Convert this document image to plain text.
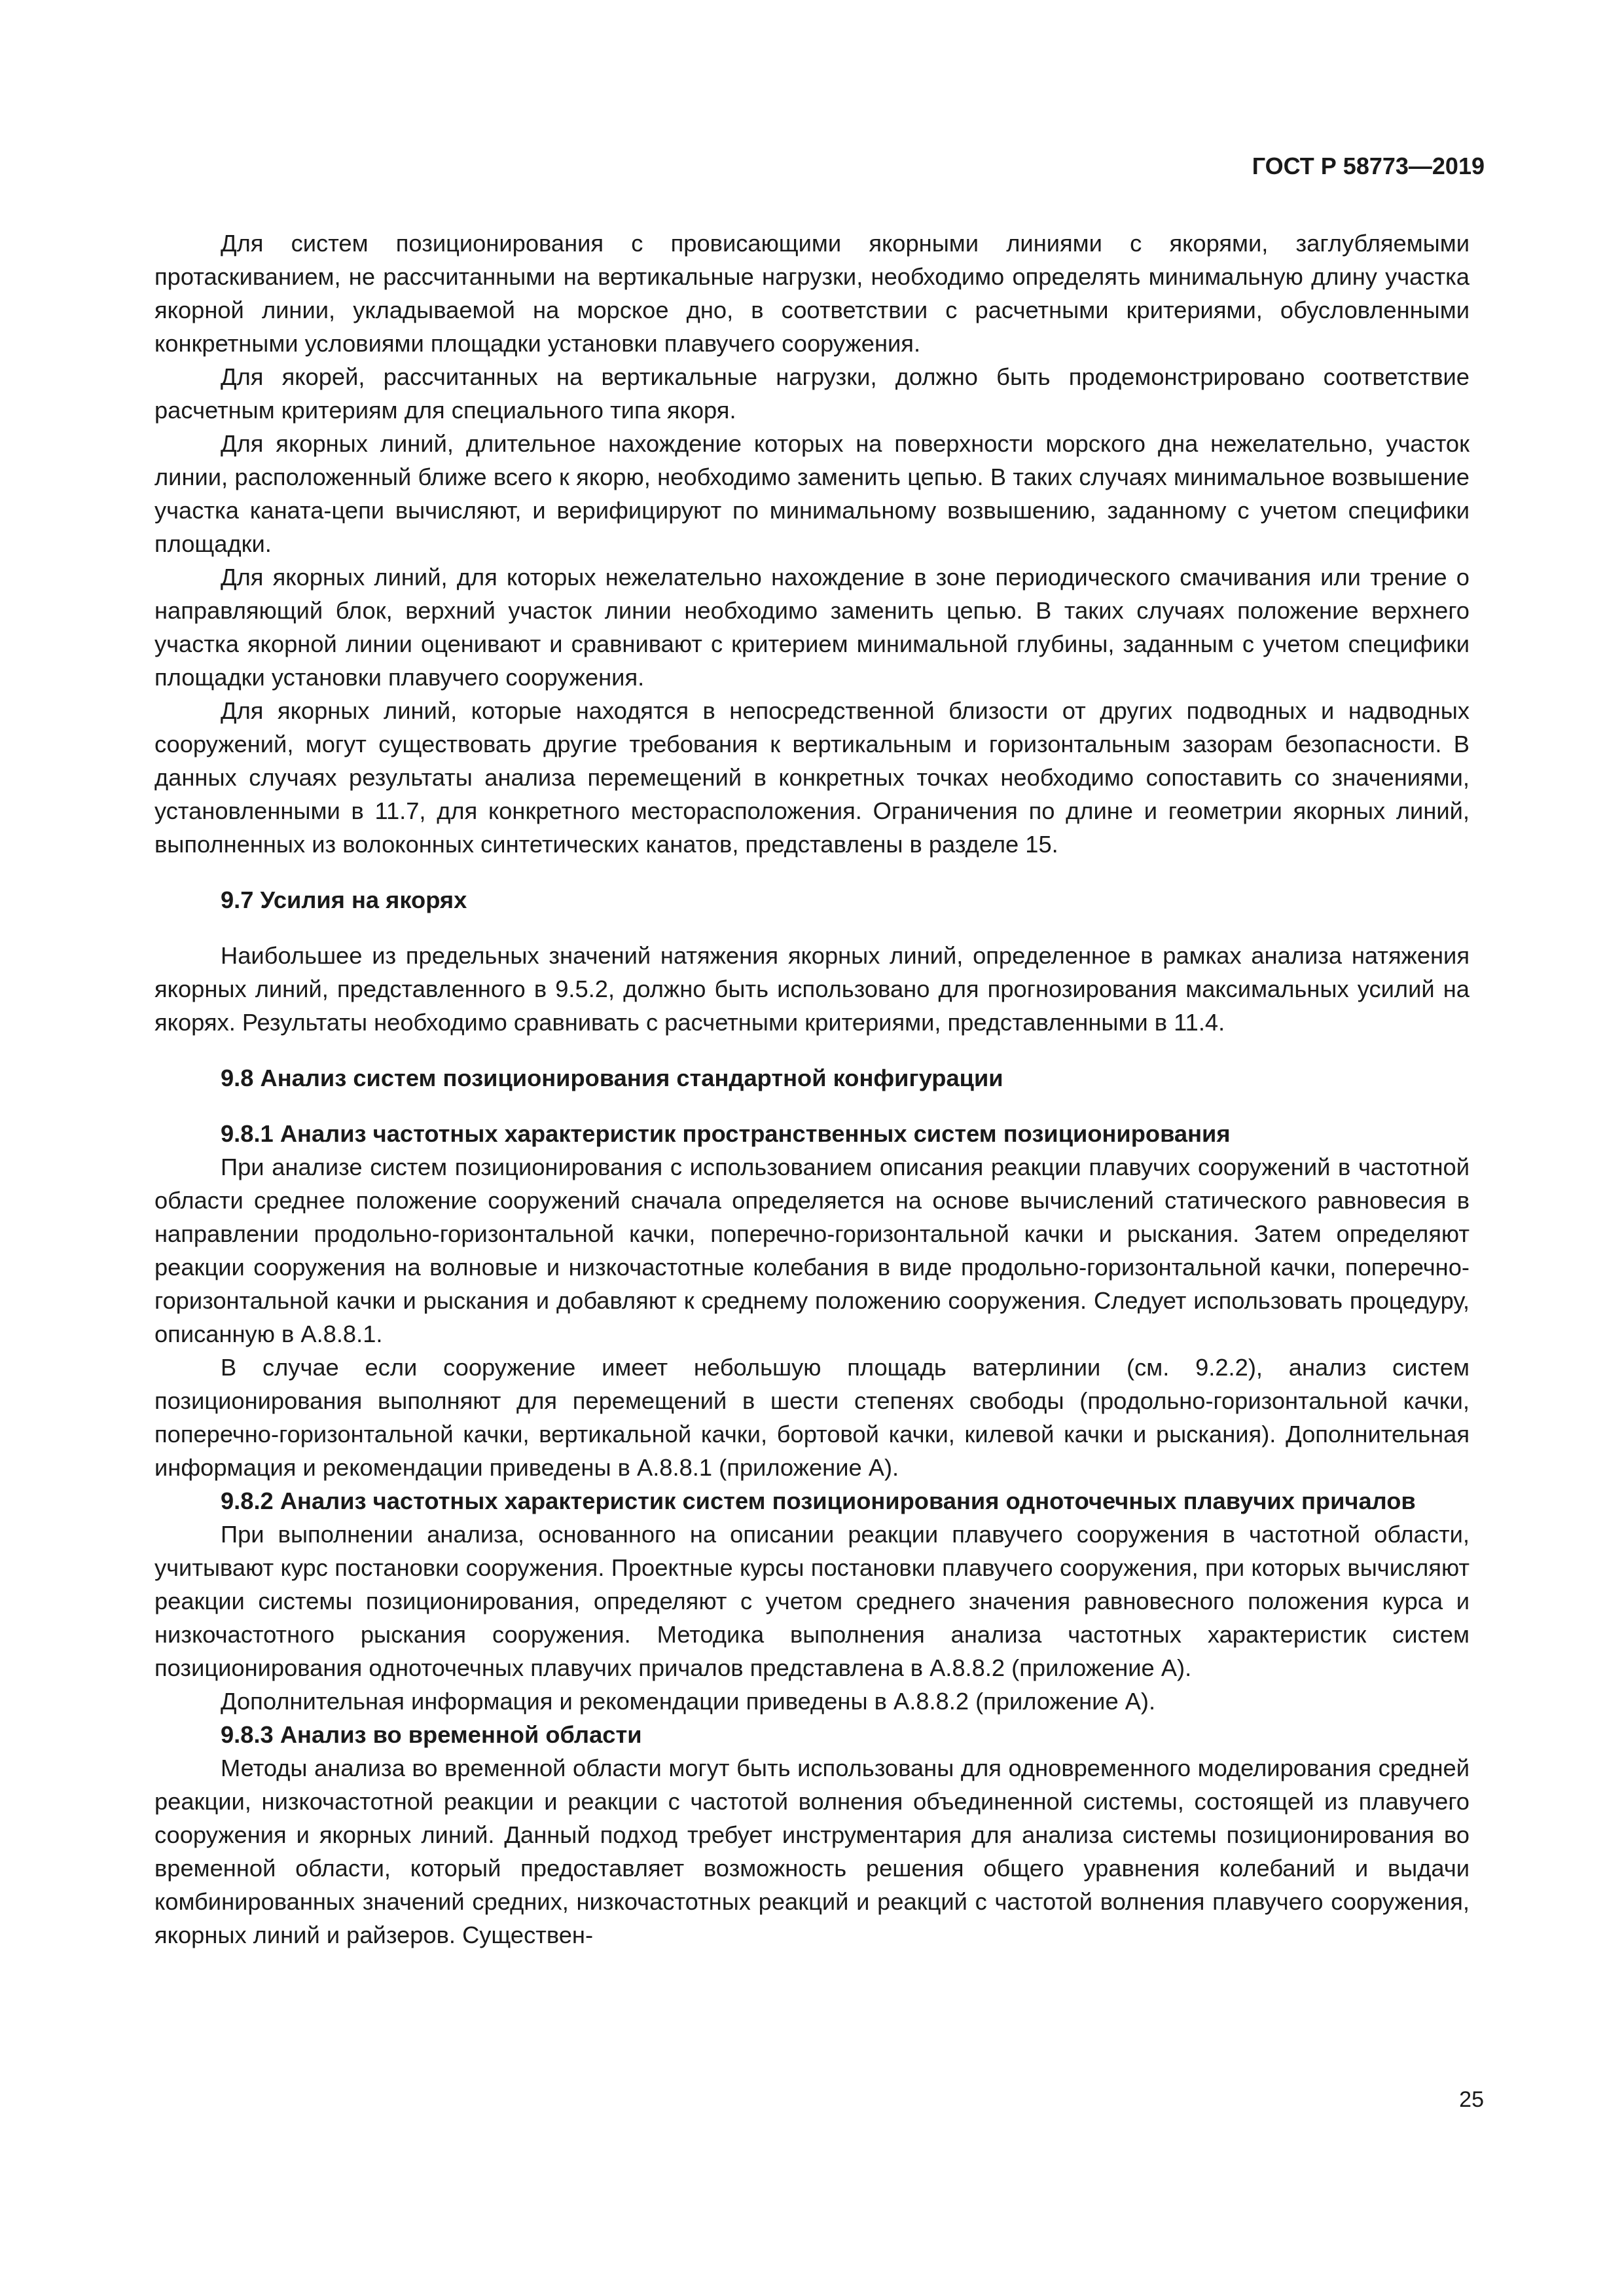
ГОСТ Р 58773—2019

Для систем позиционирования с провисающими якорными линиями с якорями, заглубляемыми протаскиванием, не рассчитанными на вертикальные нагрузки, необходимо определять минимальную длину участка якорной линии, укладываемой на морское дно, в соответствии с расчетными критериями, обусловленными конкретными условиями площадки установки плавучего сооружения.

Для якорей, рассчитанных на вертикальные нагрузки, должно быть продемонстрировано соответствие расчетным критериям для специального типа якоря.

Для якорных линий, длительное нахождение которых на поверхности морского дна нежелательно, участок линии, расположенный ближе всего к якорю, необходимо заменить цепью. В таких случаях минимальное возвышение участка каната-цепи вычисляют, и верифицируют по минимальному возвышению, заданному с учетом специфики площадки.

Для якорных линий, для которых нежелательно нахождение в зоне периодического смачивания или трение о направляющий блок, верхний участок линии необходимо заменить цепью. В таких случаях положение верхнего участка якорной линии оценивают и сравнивают с критерием минимальной глубины, заданным с учетом специфики площадки установки плавучего сооружения.

Для якорных линий, которые находятся в непосредственной близости от других подводных и надводных сооружений, могут существовать другие требования к вертикальным и горизонтальным зазорам безопасности. В данных случаях результаты анализа перемещений в конкретных точках необходимо сопоставить со значениями, установленными в 11.7, для конкретного месторасположения. Ограничения по длине и геометрии якорных линий, выполненных из волоконных синтетических канатов, представлены в разделе 15.

9.7 Усилия на якорях

Наибольшее из предельных значений натяжения якорных линий, определенное в рамках анализа натяжения якорных линий, представленного в 9.5.2, должно быть использовано для прогнозирования максимальных усилий на якорях. Результаты необходимо сравнивать с расчетными критериями, представленными в 11.4.

9.8 Анализ систем позиционирования стандартной конфигурации
9.8.1 Анализ частотных характеристик пространственных систем позиционирования

При анализе систем позиционирования с использованием описания реакции плавучих сооружений в частотной области среднее положение сооружений сначала определяется на основе вычислений статического равновесия в направлении продольно-горизонтальной качки, поперечно-горизонтальной качки и рыскания. Затем определяют реакции сооружения на волновые и низкочастотные колебания в виде продольно-горизонтальной качки, поперечно-горизонтальной качки и рыскания и добавляют к среднему положению сооружения. Следует использовать процедуру, описанную в А.8.8.1.

В случае если сооружение имеет небольшую площадь ватерлинии (см. 9.2.2), анализ систем позиционирования выполняют для перемещений в шести степенях свободы (продольно-горизонтальной качки, поперечно-горизонтальной качки, вертикальной качки, бортовой качки, килевой качки и рыскания). Дополнительная информация и рекомендации приведены в А.8.8.1 (приложение А).

9.8.2 Анализ частотных характеристик систем позиционирования одноточечных плавучих причалов

При выполнении анализа, основанного на описании реакции плавучего сооружения в частотной области, учитывают курс постановки сооружения. Проектные курсы постановки плавучего сооружения, при которых вычисляют реакции системы позиционирования, определяют с учетом среднего значения равновесного положения курса и низкочастотного рыскания сооружения. Методика выполнения анализа частотных характеристик систем позиционирования одноточечных плавучих причалов представлена в А.8.8.2 (приложение А).

Дополнительная информация и рекомендации приведены в А.8.8.2 (приложение А).

9.8.3 Анализ во временной области

Методы анализа во временной области могут быть использованы для одновременного моделирования средней реакции, низкочастотной реакции и реакции с частотой волнения объединенной системы, состоящей из плавучего сооружения и якорных линий. Данный подход требует инструментария для анализа системы позиционирования во временной области, который предоставляет возможность решения общего уравнения колебаний и выдачи комбинированных значений средних, низкочастотных реакций и реакций с частотой волнения плавучего сооружения, якорных линий и райзеров. Существен-

25
